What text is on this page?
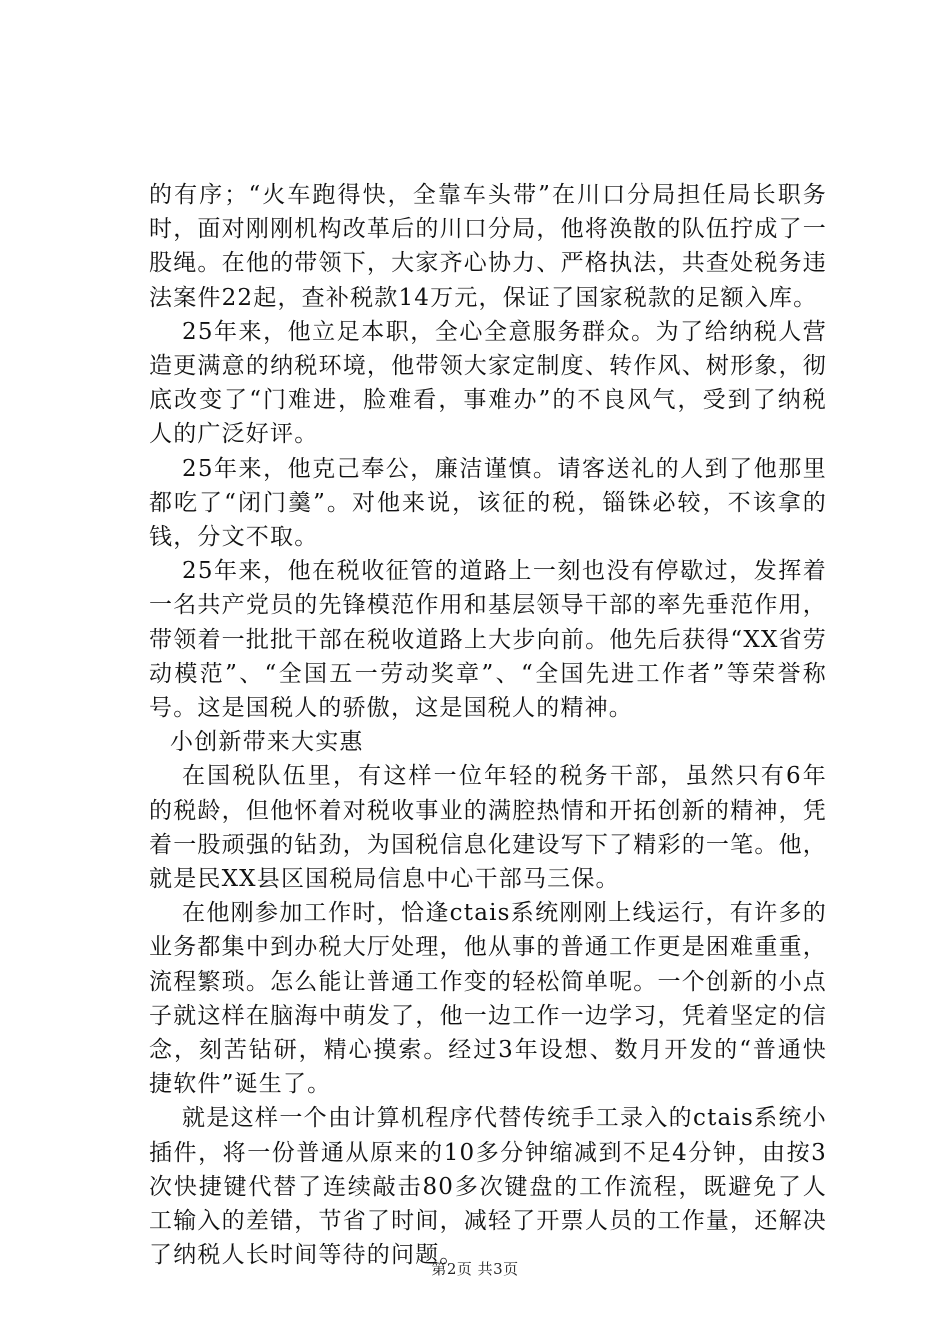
的有序；“火车跑得快，全靠车头带”在川口分局担任局长职务时，面对刚刚机构改革后的川口分局，他将涣散的队伍拧成了一股绳。在他的带领下，大家齐心协力、严格执法，共查处税务违法案件22起，查补税款14万元，保证了国家税款的足额入库。

25年来，他立足本职，全心全意服务群众。为了给纳税人营造更满意的纳税环境，他带领大家定制度、转作风、树形象，彻底改变了“门难进，脸难看，事难办”的不良风气，受到了纳税人的广泛好评。

25年来，他克己奉公，廉洁谨慎。请客送礼的人到了他那里都吃了“闭门羹”。对他来说，该征的税，锱铢必较，不该拿的钱，分文不取。

25年来，他在税收征管的道路上一刻也没有停歇过，发挥着一名共产党员的先锋模范作用和基层领导干部的率先垂范作用，带领着一批批干部在税收道路上大步向前。他先后获得“XX省劳动模范”、“全国五一劳动奖章”、“全国先进工作者”等荣誉称号。这是国税人的骄傲，这是国税人的精神。

小创新带来大实惠

在国税队伍里，有这样一位年轻的税务干部，虽然只有6年的税龄，但他怀着对税收事业的满腔热情和开拓创新的精神，凭着一股顽强的钻劲，为国税信息化建设写下了精彩的一笔。他，就是民XX县区国税局信息中心干部马三保。

在他刚参加工作时，恰逢ctais系统刚刚上线运行，有许多的业务都集中到办税大厅处理，他从事的普通工作更是困难重重，流程繁琐。怎么能让普通工作变的轻松简单呢。一个创新的小点子就这样在脑海中萌发了，他一边工作一边学习，凭着坚定的信念，刻苦钻研，精心摸索。经过3年设想、数月开发的“普通快捷软件”诞生了。

就是这样一个由计算机程序代替传统手工录入的ctais系统小插件，将一份普通从原来的10多分钟缩减到不足4分钟，由按3次快捷键代替了连续敲击80多次键盘的工作流程，既避免了人工输入的差错，节省了时间，减轻了开票人员的工作量，还解决了纳税人长时间等待的问题。

第2页 共3页
